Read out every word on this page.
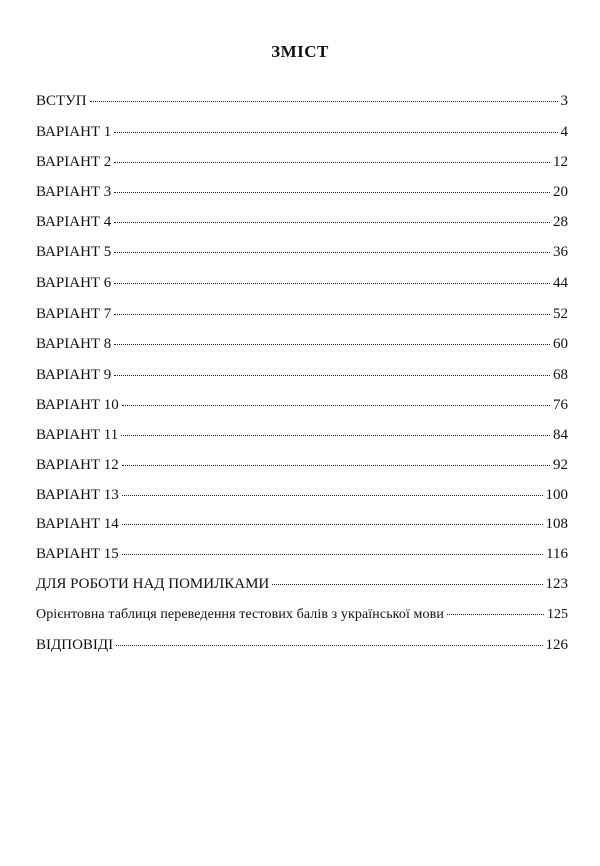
ЗМІСТ
ВСТУП	3
ВАРІАНТ 1	4
ВАРІАНТ 2	12
ВАРІАНТ 3	20
ВАРІАНТ 4	28
ВАРІАНТ 5	36
ВАРІАНТ 6	44
ВАРІАНТ 7	52
ВАРІАНТ 8	60
ВАРІАНТ 9	68
ВАРІАНТ 10	76
ВАРІАНТ 11	84
ВАРІАНТ 12	92
ВАРІАНТ 13	100
ВАРІАНТ 14	108
ВАРІАНТ 15	116
ДЛЯ РОБОТИ НАД ПОМИЛКАМИ	123
Орієнтовна таблиця переведення тестових балів з української мови	125
ВІДПОВІДІ	126
